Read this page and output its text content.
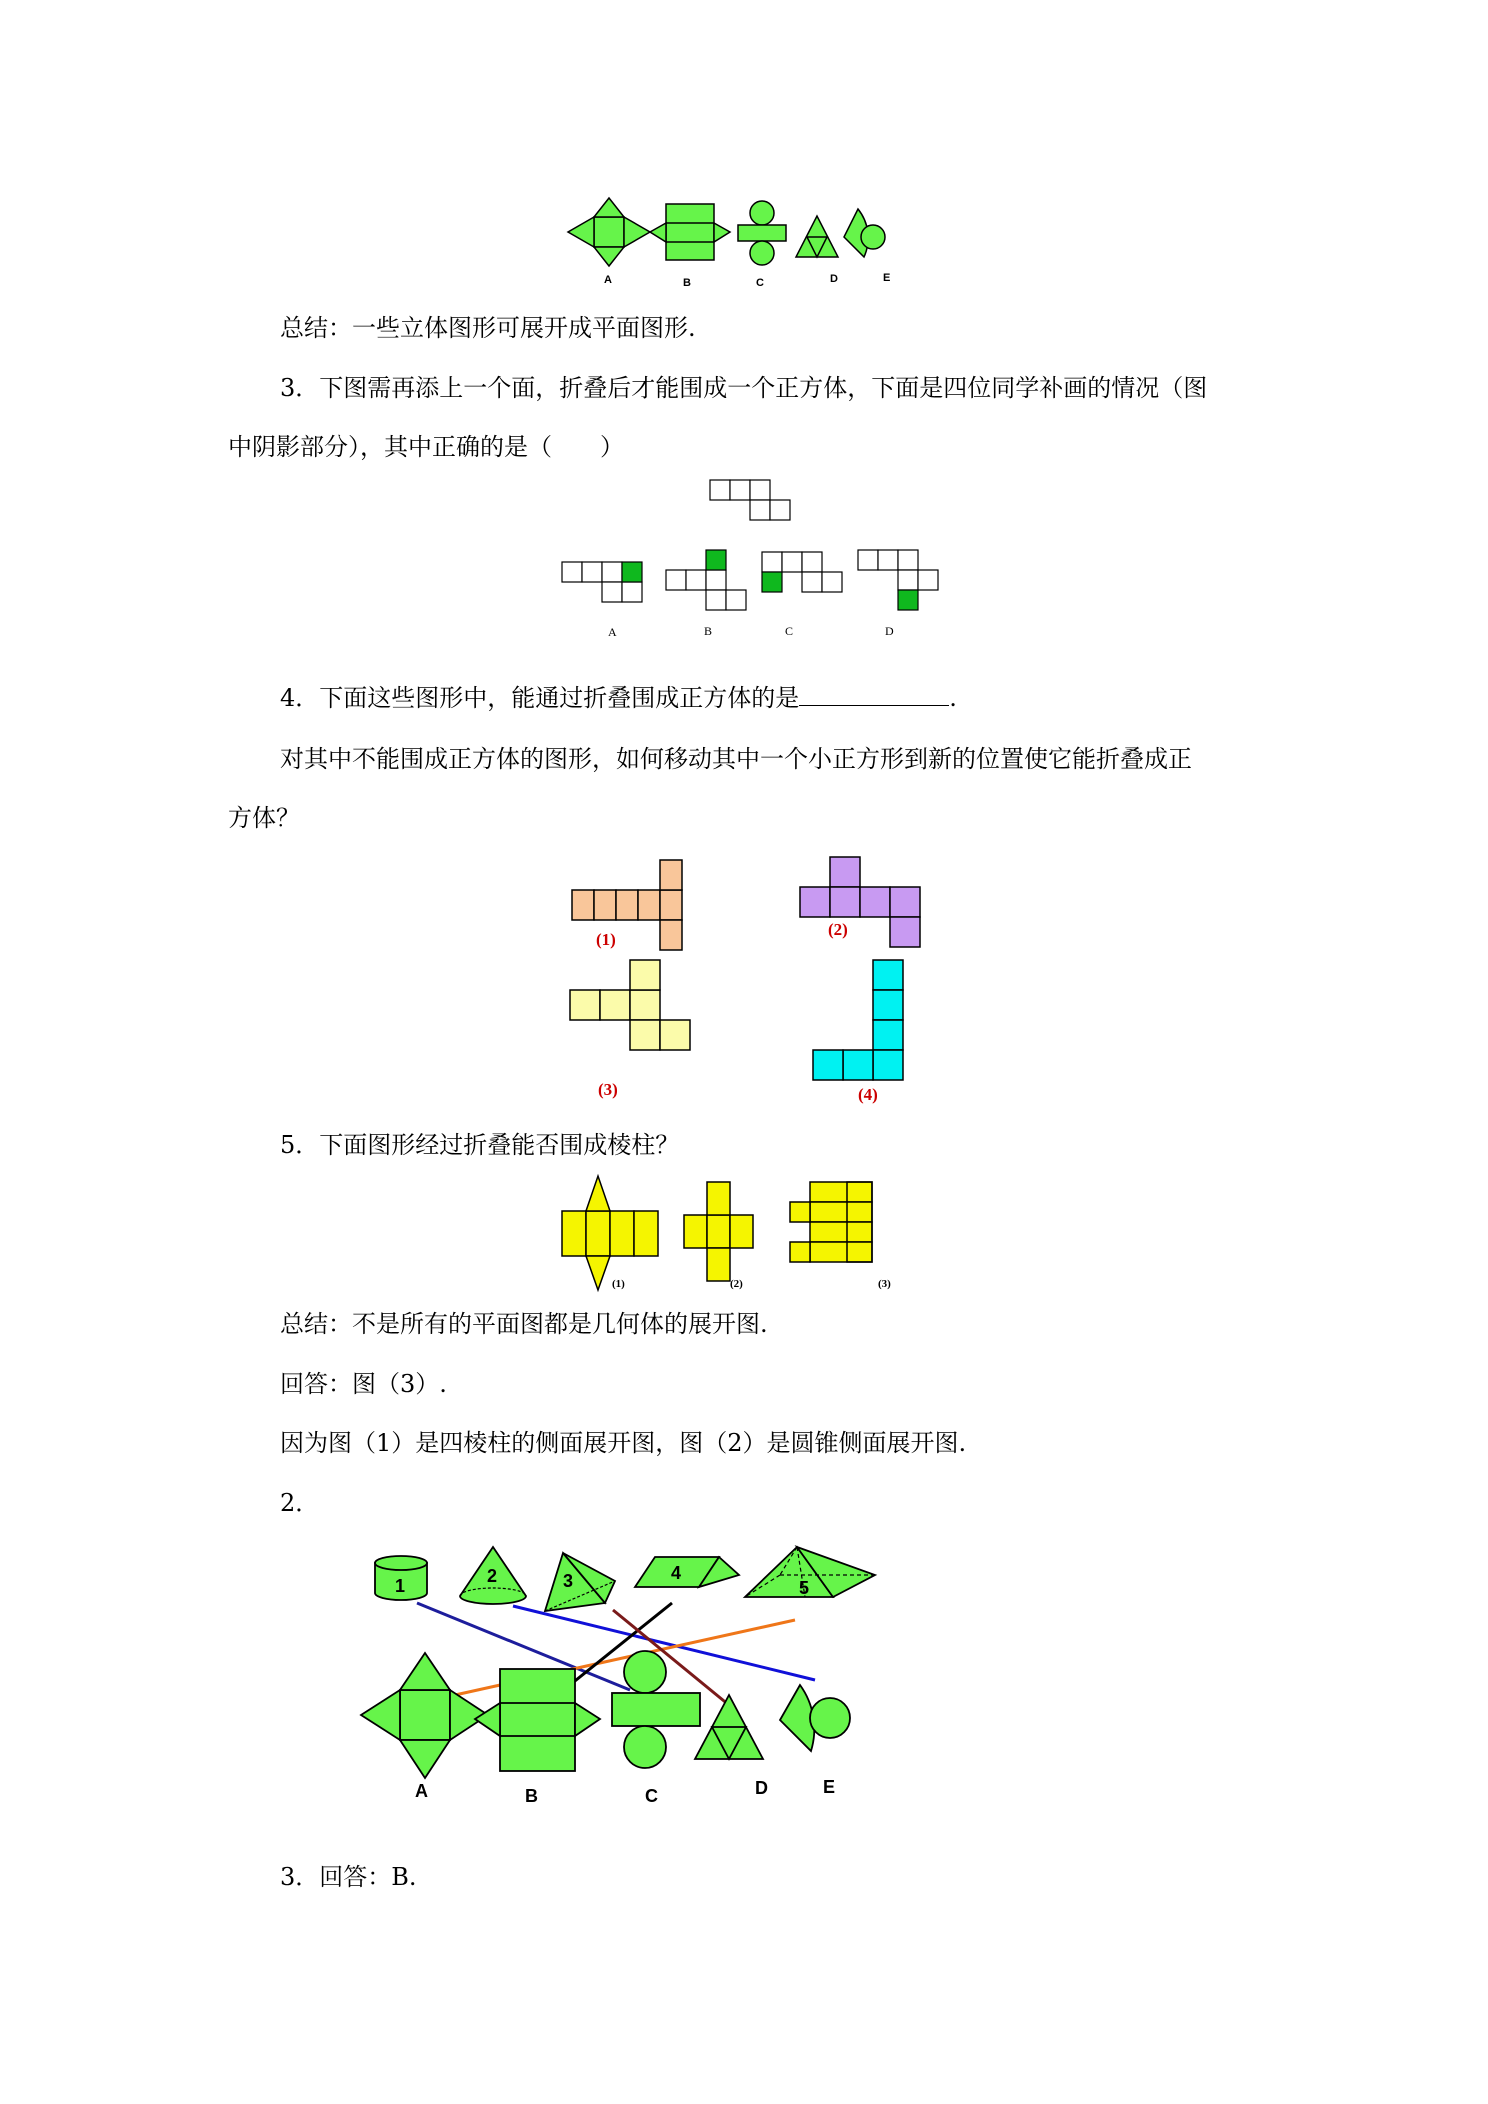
A	B	C	D	E
总结：一些立体图形可展开成平面图形.
3．下图需再添上一个面，折叠后才能围成一个正方体，下面是四位同学补画的情况（图
中阴影部分），其中正确的是（　　）
A	B	C	D
4．下面这些图形中，能通过折叠围成正方体的是	.
对其中不能围成正方体的图形，如何移动其中一个小正方形到新的位置使它能折叠成正
方体？
(1)
(2)
(3)	(4)
5．下面图形经过折叠能否围成棱柱？
(1)	(2)	(3)
总结：不是所有的平面图都是几何体的展开图.
回答：图（3）.
因为图（1）是四棱柱的侧面展开图，图（2）是圆锥侧面展开图.
2．
1	2	3	4
5
A	B	C	D	E
3．回答：B.
